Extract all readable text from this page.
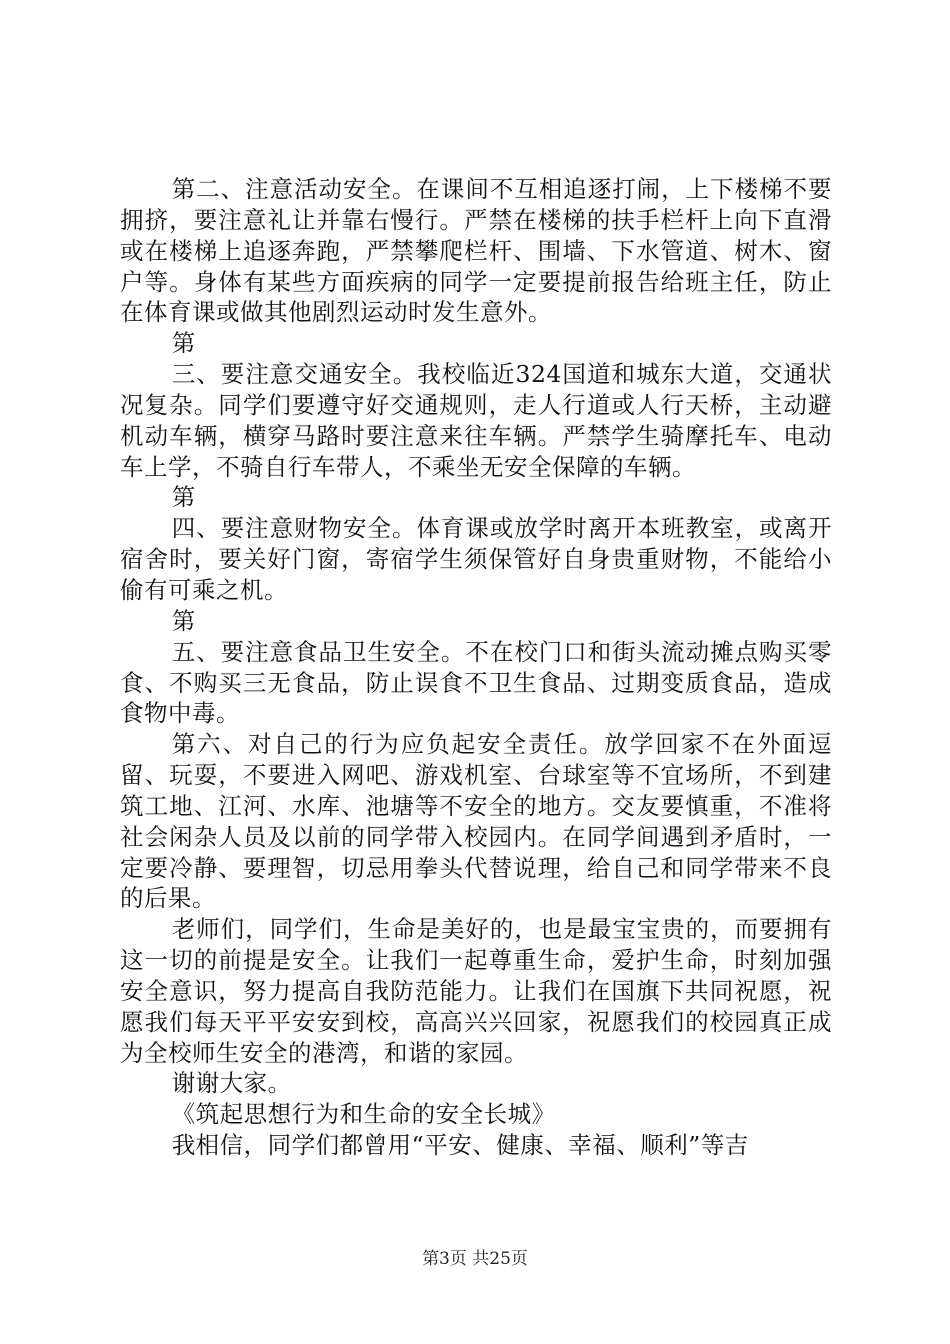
第二、注意活动安全。在课间不互相追逐打闹，上下楼梯不要拥挤，要注意礼让并靠右慢行。严禁在楼梯的扶手栏杆上向下直滑或在楼梯上追逐奔跑，严禁攀爬栏杆、围墙、下水管道、树木、窗户等。身体有某些方面疾病的同学一定要提前报告给班主任，防止在体育课或做其他剧烈运动时发生意外。

第

三、要注意交通安全。我校临近324国道和城东大道，交通状况复杂。同学们要遵守好交通规则，走人行道或人行天桥，主动避机动车辆，横穿马路时要注意来往车辆。严禁学生骑摩托车、电动车上学，不骑自行车带人，不乘坐无安全保障的车辆。

第

四、要注意财物安全。体育课或放学时离开本班教室，或离开宿舍时，要关好门窗，寄宿学生须保管好自身贵重财物，不能给小偷有可乘之机。

第

五、要注意食品卫生安全。不在校门口和街头流动摊点购买零食、不购买三无食品，防止误食不卫生食品、过期变质食品，造成食物中毒。

第六、对自己的行为应负起安全责任。放学回家不在外面逗留、玩耍，不要进入网吧、游戏机室、台球室等不宜场所，不到建筑工地、江河、水库、池塘等不安全的地方。交友要慎重，不准将社会闲杂人员及以前的同学带入校园内。在同学间遇到矛盾时，一定要冷静、要理智，切忌用拳头代替说理，给自己和同学带来不良的后果。

老师们，同学们，生命是美好的，也是最宝宝贵的，而要拥有这一切的前提是安全。让我们一起尊重生命，爱护生命，时刻加强安全意识，努力提高自我防范能力。让我们在国旗下共同祝愿，祝愿我们每天平平安安到校，高高兴兴回家，祝愿我们的校园真正成为全校师生安全的港湾，和谐的家园。

谢谢大家。

《筑起思想行为和生命的安全长城》

我相信，同学们都曾用“平安、健康、幸福、顺利”等吉

第3页 共25页
